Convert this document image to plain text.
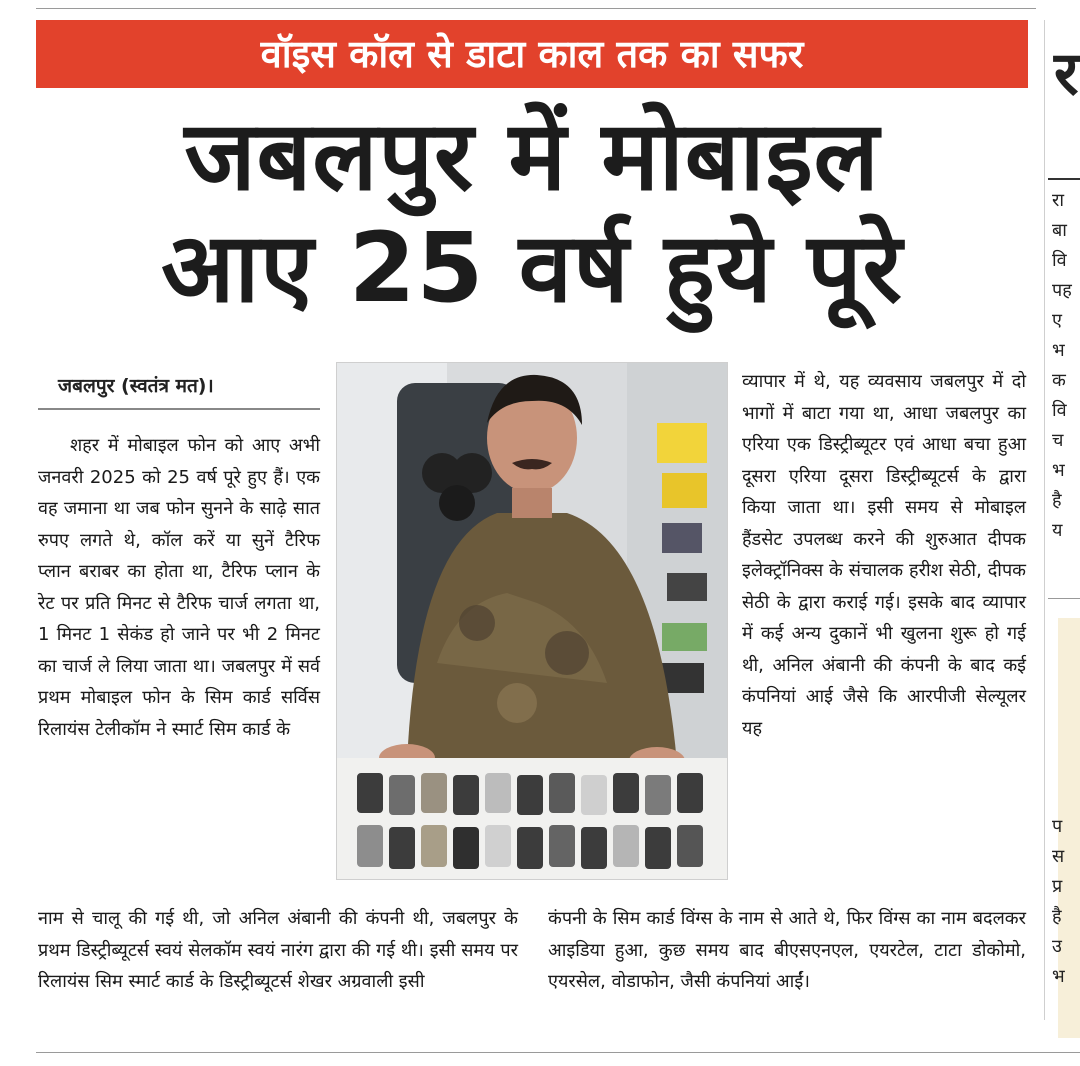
वॉइस कॉल से डाटा काल तक का सफर
जबलपुर में मोबाइल
आए 25 वर्ष हुये पूरे
जबलपुर (स्वतंत्र मत)।
शहर में मोबाइल फोन को आए अभी जनवरी 2025 को 25 वर्ष पूरे हुए हैं। एक वह जमाना था जब फोन सुनने के साढ़े सात रुपए लगते थे, कॉल करें या सुनें टैरिफ प्लान बराबर का होता था, टैरिफ प्लान के रेट पर प्रति मिनट से टैरिफ चार्ज लगता था, 1 मिनट 1 सेकंड हो जाने पर भी 2 मिनट का चार्ज ले लिया जाता था। जबलपुर में सर्व प्रथम मोबाइल फोन के सिम कार्ड सर्विस रिलायंस टेलीकॉम ने स्मार्ट सिम कार्ड के
व्यापार में थे, यह व्यवसाय जबलपुर में दो भागों में बाटा गया था, आधा जबलपुर का एरिया एक डिस्ट्रीब्यूटर एवं आधा बचा हुआ दूसरा एरिया दूसरा डिस्ट्रीब्यूटर्स के द्वारा किया जाता था। इसी समय से मोबाइल हैंडसेट उपलब्ध करने की शुरुआत दीपक इलेक्ट्रॉनिक्स के संचालक हरीश सेठी, दीपक सेठी के द्वारा कराई गई। इसके बाद व्यापार में कई अन्य दुकानें भी खुलना शुरू हो गई थी, अनिल अंबानी की कंपनी के बाद कई कंपनियां आई जैसे कि आरपीजी सेल्यूलर यह
नाम से चालू की गई थी, जो अनिल अंबानी की कंपनी थी, जबलपुर के प्रथम डिस्ट्रीब्यूटर्स स्वयं सेलकॉम स्वयं नारंग द्वारा की गई थी। इसी समय पर रिलायंस सिम स्मार्ट कार्ड के डिस्ट्रीब्यूटर्स शेखर अग्रवाली इसी
कंपनी के सिम कार्ड विंग्स के नाम से आते थे, फिर विंग्स का नाम बदलकर आइडिया हुआ, कुछ समय बाद बीएसएनएल, एयरटेल, टाटा डोकोमो, एयरसेल, वोडाफोन, जैसी कंपनियां आईं।
र
रा
बा
वि
पह
ए
भ
क
वि
च
भ
है
य
प
स
प्र
है
उ
भ
